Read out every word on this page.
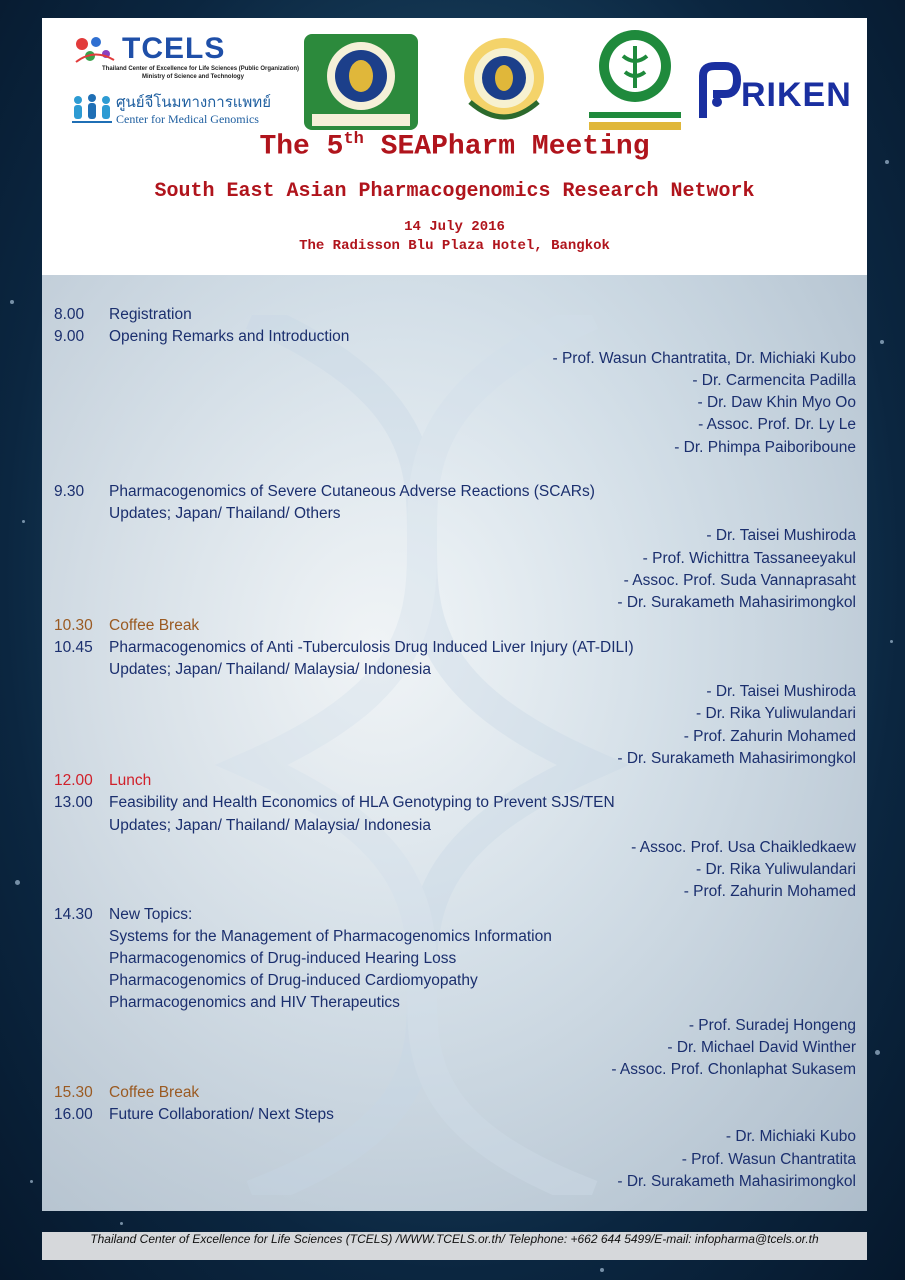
TCELS
Thailand Center of Excellence for Life Sciences (Public Organization)
Ministry of Science and Technology
ศูนย์จีโนมทางการแพทย์
Center for Medical Genomics
RIKEN
The 5th SEAPharm Meeting
South East Asian Pharmacogenomics Research Network
14 July 2016
The Radisson Blu Plaza Hotel, Bangkok
8.00 Registration
9.00 Opening Remarks and Introduction
- Prof. Wasun Chantratita, Dr. Michiaki Kubo
- Dr. Carmencita Padilla
- Dr. Daw Khin Myo Oo
- Assoc. Prof. Dr. Ly Le
- Dr. Phimpa Paiboriboune
9.30 Pharmacogenomics of Severe Cutaneous Adverse Reactions (SCARs)
Updates; Japan/ Thailand/ Others
- Dr. Taisei Mushiroda
- Prof. Wichittra Tassaneeyakul
- Assoc. Prof. Suda Vannaprasaht
- Dr. Surakameth Mahasirimongkol
10.30 Coffee Break
10.45 Pharmacogenomics of Anti -Tuberculosis Drug Induced Liver Injury (AT-DILI)
Updates; Japan/ Thailand/ Malaysia/ Indonesia
- Dr. Taisei Mushiroda
- Dr. Rika Yuliwulandari
- Prof. Zahurin Mohamed
- Dr. Surakameth Mahasirimongkol
12.00 Lunch
13.00 Feasibility and Health Economics of HLA Genotyping to Prevent SJS/TEN
Updates; Japan/ Thailand/ Malaysia/ Indonesia
- Assoc. Prof. Usa Chaikledkaew
- Dr. Rika Yuliwulandari
- Prof. Zahurin Mohamed
14.30 New Topics:
Systems for the Management of Pharmacogenomics Information
Pharmacogenomics of Drug-induced Hearing Loss
Pharmacogenomics of Drug-induced Cardiomyopathy
Pharmacogenomics and HIV Therapeutics
- Prof. Suradej Hongeng
- Dr. Michael David Winther
- Assoc. Prof. Chonlaphat Sukasem
15.30 Coffee Break
16.00 Future Collaboration/ Next Steps
- Dr. Michiaki Kubo
- Prof. Wasun Chantratita
- Dr. Surakameth Mahasirimongkol
Thailand Center of Excellence for Life Sciences (TCELS) /WWW.TCELS.or.th/ Telephone: +662 644 5499/E-mail: infopharma@tcels.or.th
